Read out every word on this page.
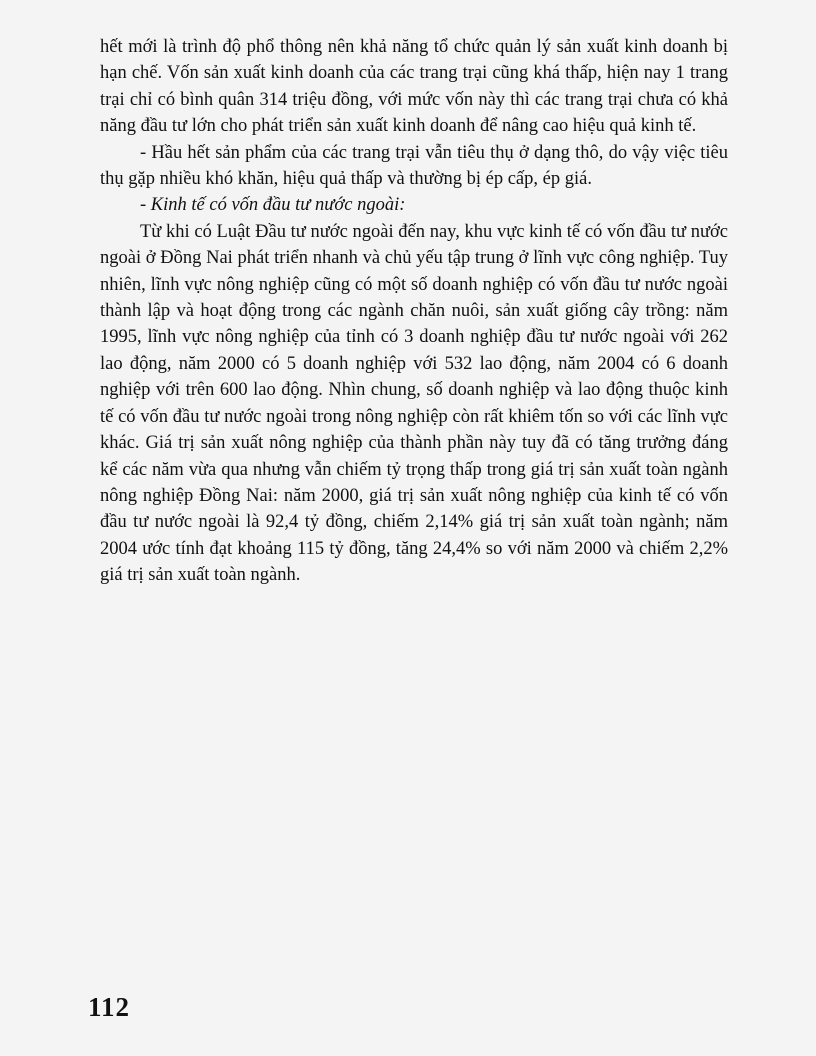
hết mới là trình độ phổ thông nên khả năng tổ chức quản lý sản xuất kinh doanh bị hạn chế. Vốn sản xuất kinh doanh của các trang trại cũng khá thấp, hiện nay 1 trang trại chỉ có bình quân 314 triệu đồng, với mức vốn này thì các trang trại chưa có khả năng đầu tư lớn cho phát triển sản xuất kinh doanh để nâng cao hiệu quả kinh tế.

- Hầu hết sản phẩm của các trang trại vẫn tiêu thụ ở dạng thô, do vậy việc tiêu thụ gặp nhiều khó khăn, hiệu quả thấp và thường bị ép cấp, ép giá.

- Kinh tế có vốn đầu tư nước ngoài:

Từ khi có Luật Đầu tư nước ngoài đến nay, khu vực kinh tế có vốn đầu tư nước ngoài ở Đồng Nai phát triển nhanh và chủ yếu tập trung ở lĩnh vực công nghiệp. Tuy nhiên, lĩnh vực nông nghiệp cũng có một số doanh nghiệp có vốn đầu tư nước ngoài thành lập và hoạt động trong các ngành chăn nuôi, sản xuất giống cây trồng: năm 1995, lĩnh vực nông nghiệp của tỉnh có 3 doanh nghiệp đầu tư nước ngoài với 262 lao động, năm 2000 có 5 doanh nghiệp với 532 lao động, năm 2004 có 6 doanh nghiệp với trên 600 lao động. Nhìn chung, số doanh nghiệp và lao động thuộc kinh tế có vốn đầu tư nước ngoài trong nông nghiệp còn rất khiêm tốn so với các lĩnh vực khác. Giá trị sản xuất nông nghiệp của thành phần này tuy đã có tăng trưởng đáng kể các năm vừa qua nhưng vẫn chiếm tỷ trọng thấp trong giá trị sản xuất toàn ngành nông nghiệp Đồng Nai: năm 2000, giá trị sản xuất nông nghiệp của kinh tế có vốn đầu tư nước ngoài là 92,4 tỷ đồng, chiếm 2,14% giá trị sản xuất toàn ngành; năm 2004 ước tính đạt khoảng 115 tỷ đồng, tăng 24,4% so với năm 2000 và chiếm 2,2% giá trị sản xuất toàn ngành.

112
